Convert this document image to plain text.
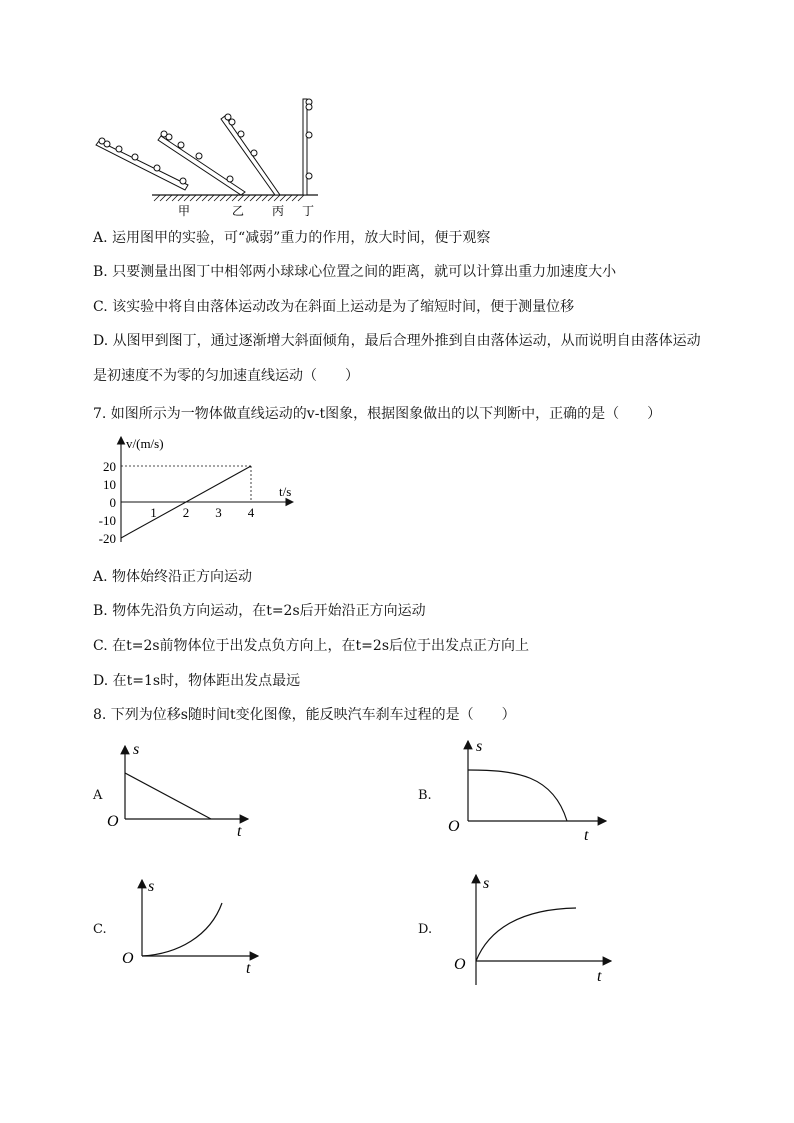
甲	乙 丙 丁
A. 运用图甲的实验，可“减弱”重力的作用，放大时间，便于观察
B. 只要测量出图丁中相邻两小球球心位置之间的距离，就可以计算出重力加速度大小
C. 该实验中将自由落体运动改为在斜面上运动是为了缩短时间，便于测量位移
D. 从图甲到图丁，通过逐渐增大斜面倾角，最后合理外推到自由落体运动，从而说明自由落体运动
是初速度不为零的匀加速直线运动（　　）
7. 如图所示为一物体做直线运动的v-t图象，根据图象做出的以下判断中，正确的是（　　）
20
10
0
-10
-20
1 2 3 4
v/(m/s)
t/s
A. 物体始终沿正方向运动
B. 物体先沿负方向运动，在t=2s后开始沿正方向运动
C. 在t=2s前物体位于出发点负方向上，在t=2s后位于出发点正方向上
D. 在t=1s时，物体距出发点最远
8. 下列为位移s随时间t变化图像，能反映汽车刹车过程的是（　　）
A
s
t
O
B.
s
t
O
C.
s
t
O
D.
s
t
O
